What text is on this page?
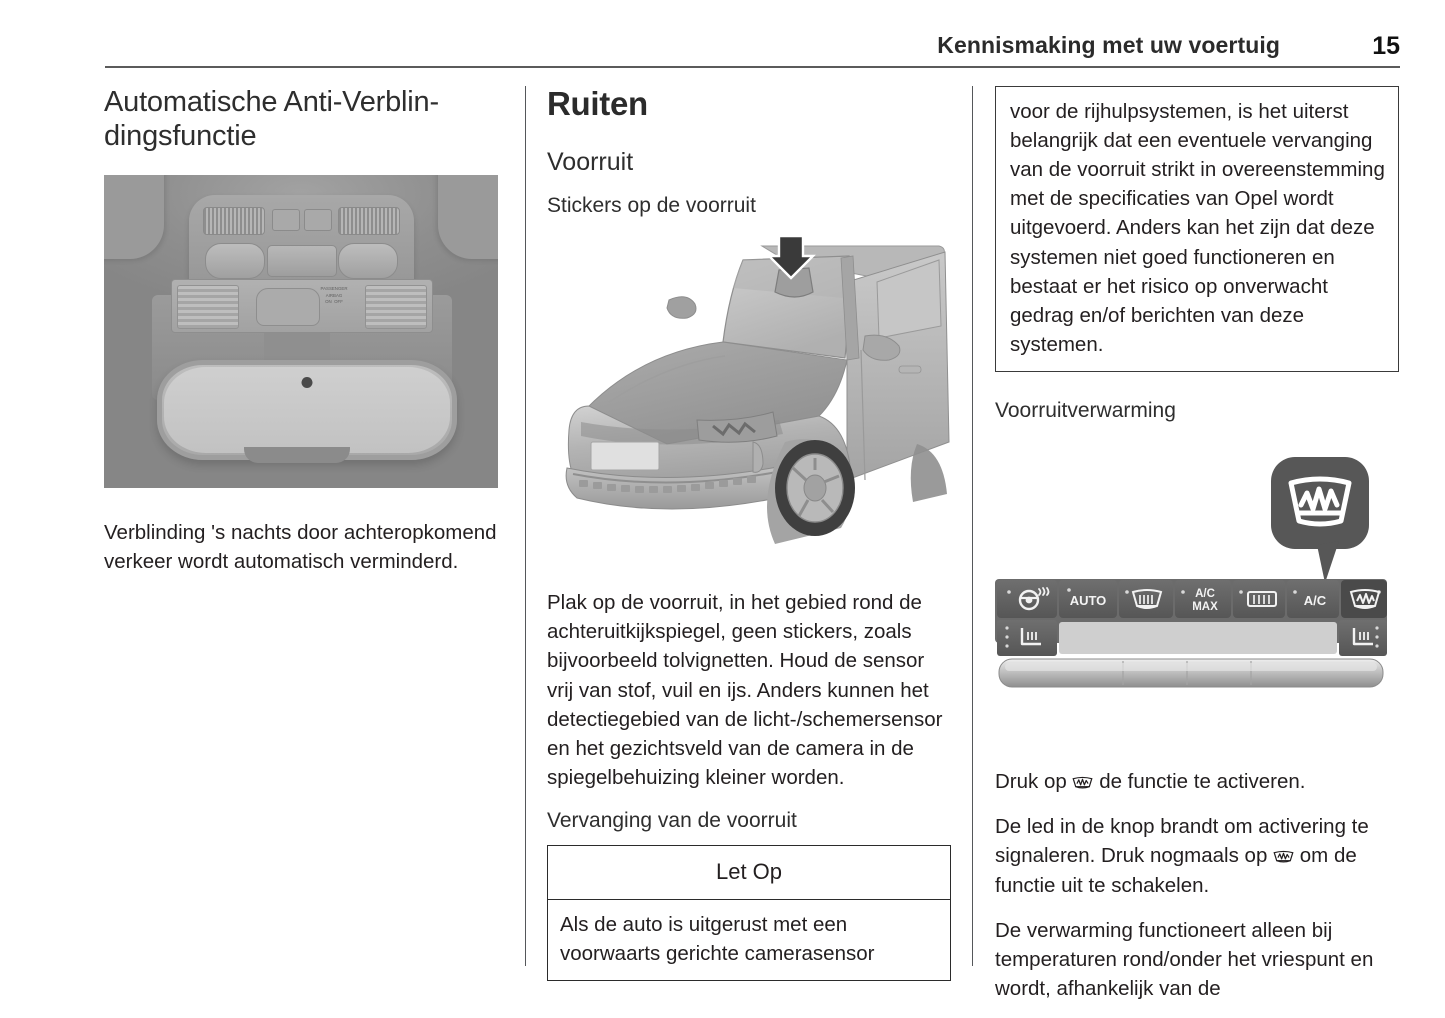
Kennismaking met uw voertuig	15
Automatische Anti-Verblin-dingsfunctie
PASSENGER
AIRBAG
ON  OFF

Verblinding 's nachts door achteropkomend verkeer wordt automatisch verminderd.

Ruiten
Voorruit
Stickers op de voorruit

Plak op de voorruit, in het gebied rond de achteruitkijkspiegel, geen stickers, zoals bijvoorbeeld tolvignetten. Houd de sensor vrij van stof, vuil en ijs. Anders kunnen het detectiegebied van de licht-/schemersensor en het gezichtsveld van de camera in de spiegelbehuizing kleiner worden.

Vervanging van de voorruit
Let Op
Als de auto is uitgerust met een voorwaarts gerichte camerasensor
voor de rijhulpsystemen, is het uiterst belangrijk dat een eventuele vervanging van de voorruit strikt in overeenstemming met de specificaties van Opel wordt uitgevoerd. Anders kan het zijn dat deze systemen niet goed functioneren en bestaat er het risico op onverwacht gedrag en/of berichten van deze systemen.
Voorruitverwarming
AUTO	A/C
MAX	A/C

Druk op de functie te activeren.

De led in de knop brandt om activering te signaleren. Druk nogmaals op om de functie uit te schakelen.

De verwarming functioneert alleen bij temperaturen rond/onder het vriespunt en wordt, afhankelijk van de
